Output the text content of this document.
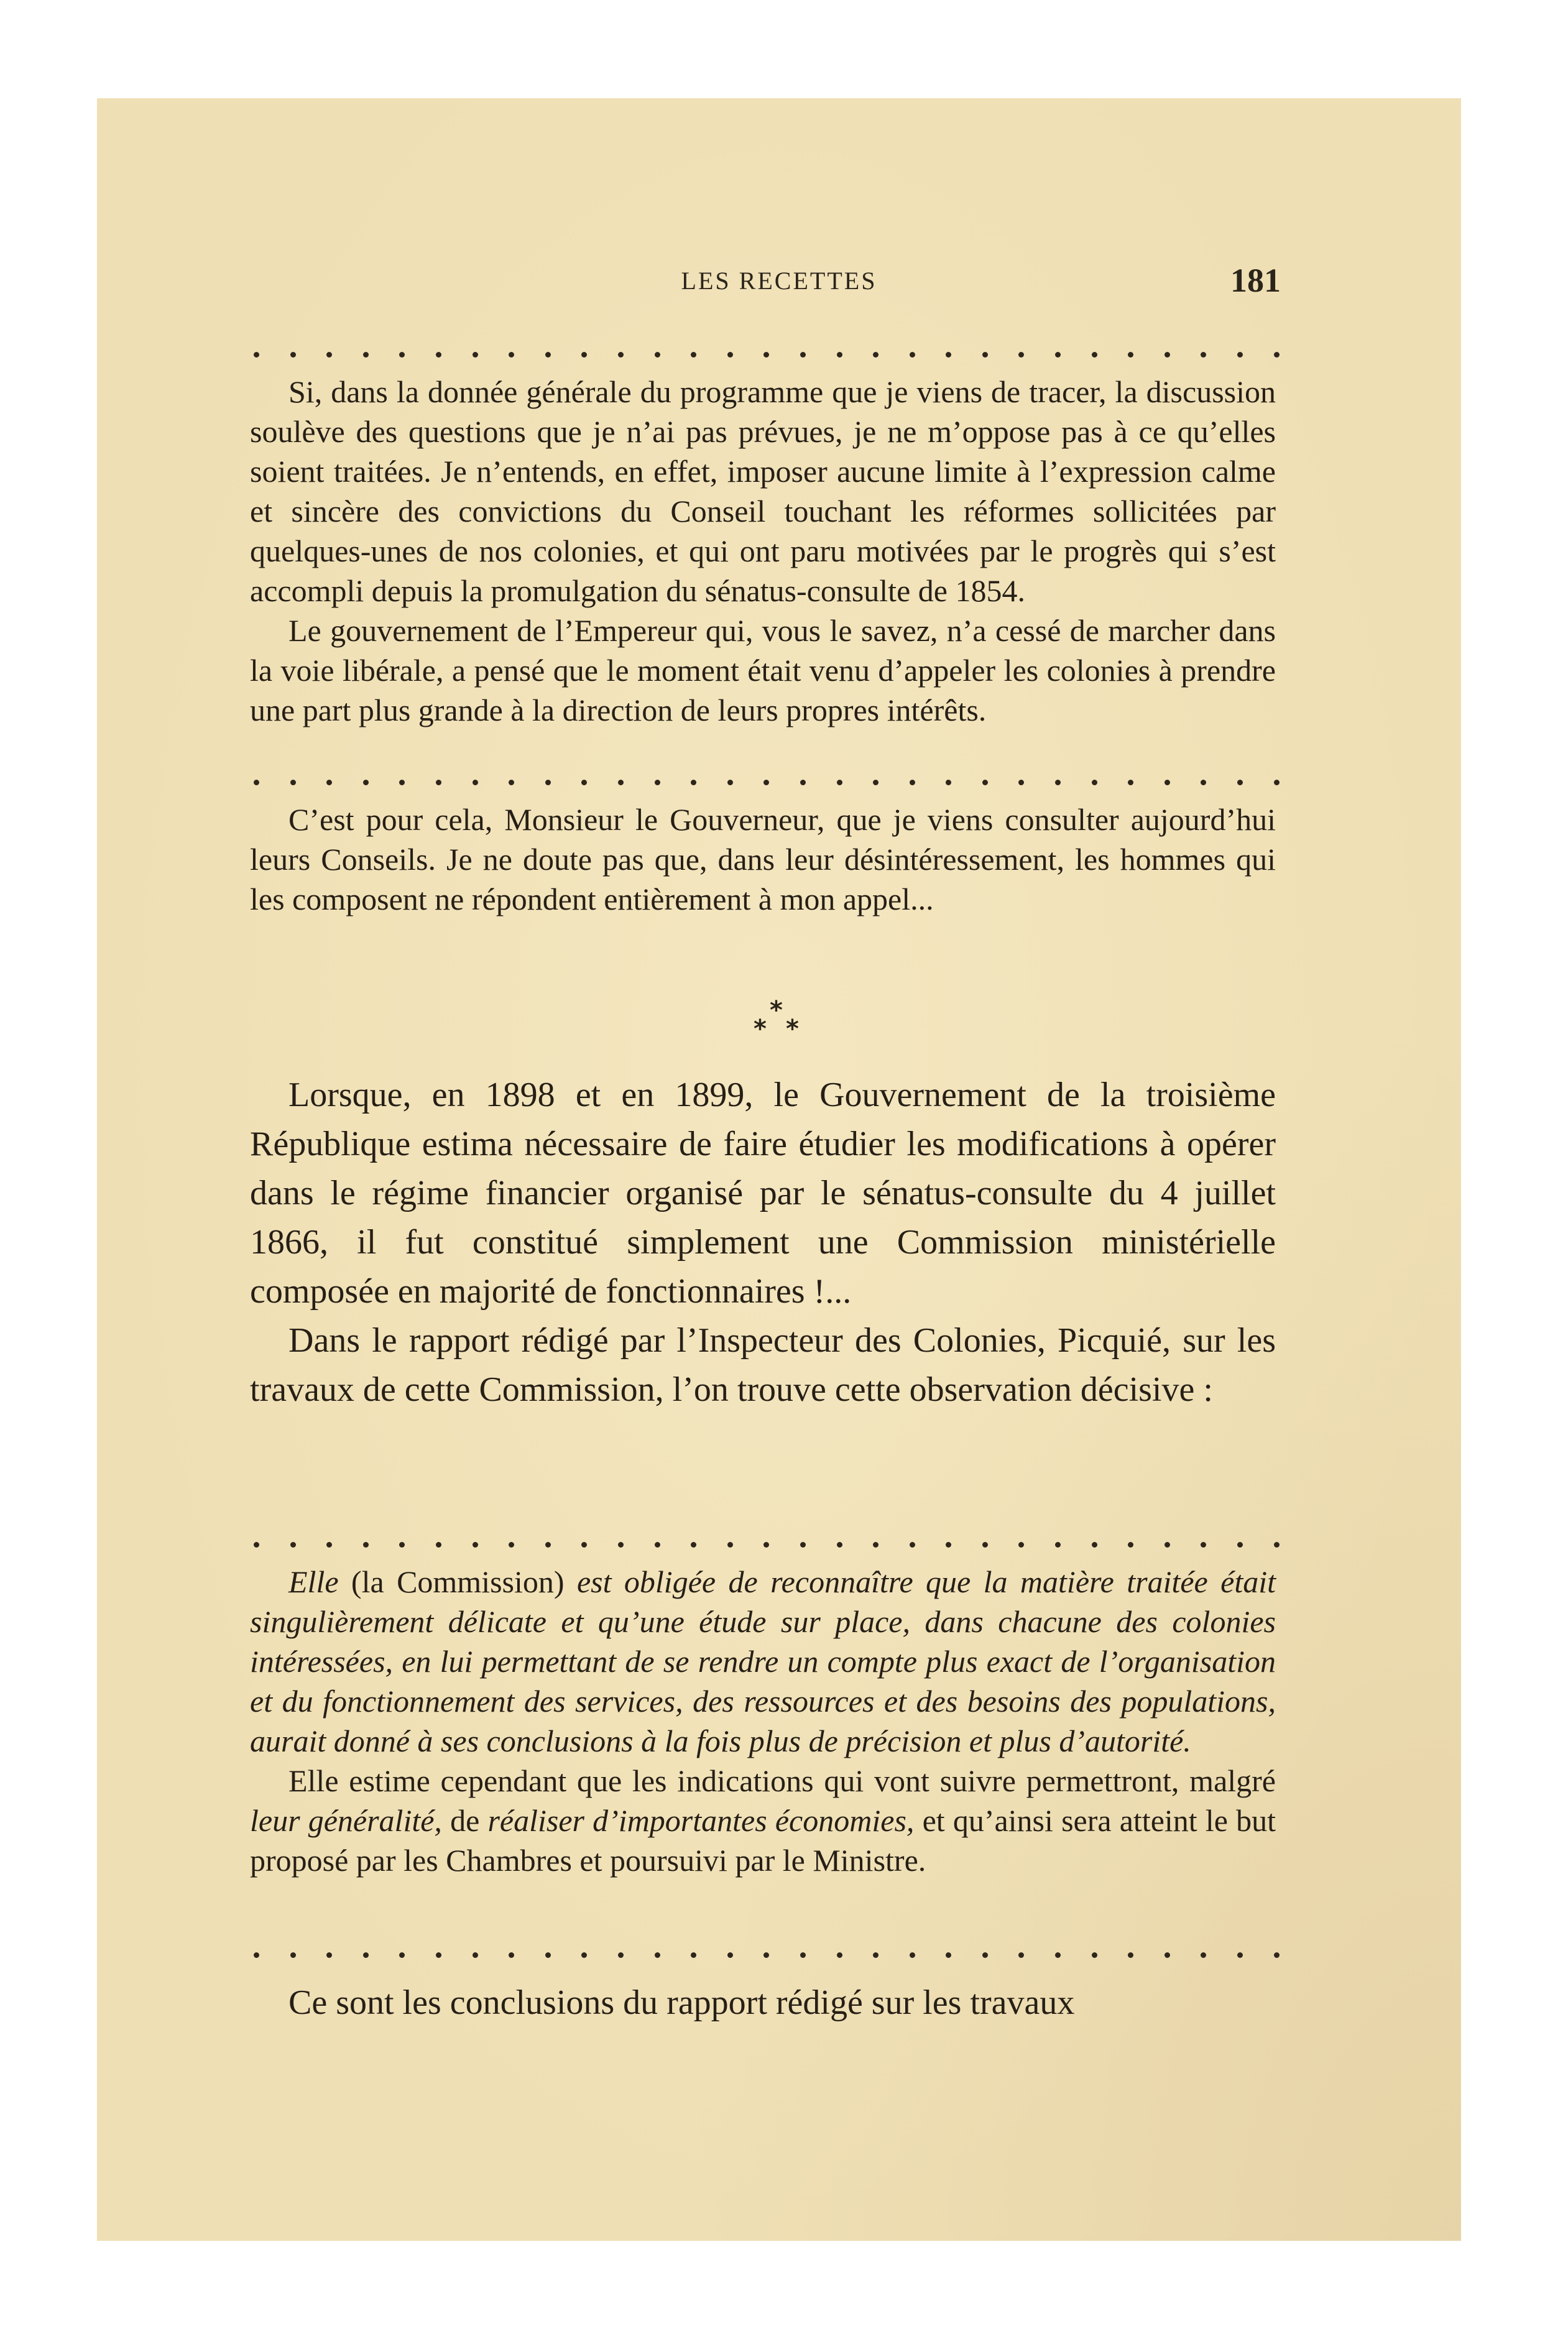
LES RECETTES	181

Si, dans la donnée générale du programme que je viens de tracer, la discussion soulève des questions que je n’ai pas prévues, je ne m’oppose pas à ce qu’elles soient traitées. Je n’entends, en effet, imposer aucune limite à l’expression calme et sincère des convictions du Conseil touchant les réformes sollicitées par quelques-unes de nos colonies, et qui ont paru motivées par le progrès qui s’est accompli depuis la promulgation du sénatus-consulte de 1854.

Le gouvernement de l’Empereur qui, vous le savez, n’a cessé de marcher dans la voie libérale, a pensé que le moment était venu d’appeler les colonies à prendre une part plus grande à la direction de leurs propres intérêts.

C’est pour cela, Monsieur le Gouverneur, que je viens consulter aujourd’hui leurs Conseils. Je ne doute pas que, dans leur désintéressement, les hommes qui les composent ne répondent entièrement à mon appel...

*
* *

Lorsque, en 1898 et en 1899, le Gouvernement de la troisième République estima nécessaire de faire étudier les modifications à opérer dans le régime financier organisé par le sénatus-consulte du 4 juillet 1866, il fut constitué simplement une Commission ministérielle composée en majorité de fonctionnaires !...

Dans le rapport rédigé par l’Inspecteur des Colonies, Picquié, sur les travaux de cette Commission, l’on trouve cette observation décisive :

Elle (la Commission) est obligée de reconnaître que la matière traitée était singulièrement délicate et qu’une étude sur place, dans chacune des colonies intéressées, en lui permettant de se rendre un compte plus exact de l’organisation et du fonctionnement des services, des ressources et des besoins des populations, aurait donné à ses conclusions à la fois plus de précision et plus d’autorité.

Elle estime cependant que les indications qui vont suivre permettront, malgré leur généralité, de réaliser d’importantes économies, et qu’ainsi sera atteint le but proposé par les Chambres et poursuivi par le Ministre.

Ce sont les conclusions du rapport rédigé sur les travaux
